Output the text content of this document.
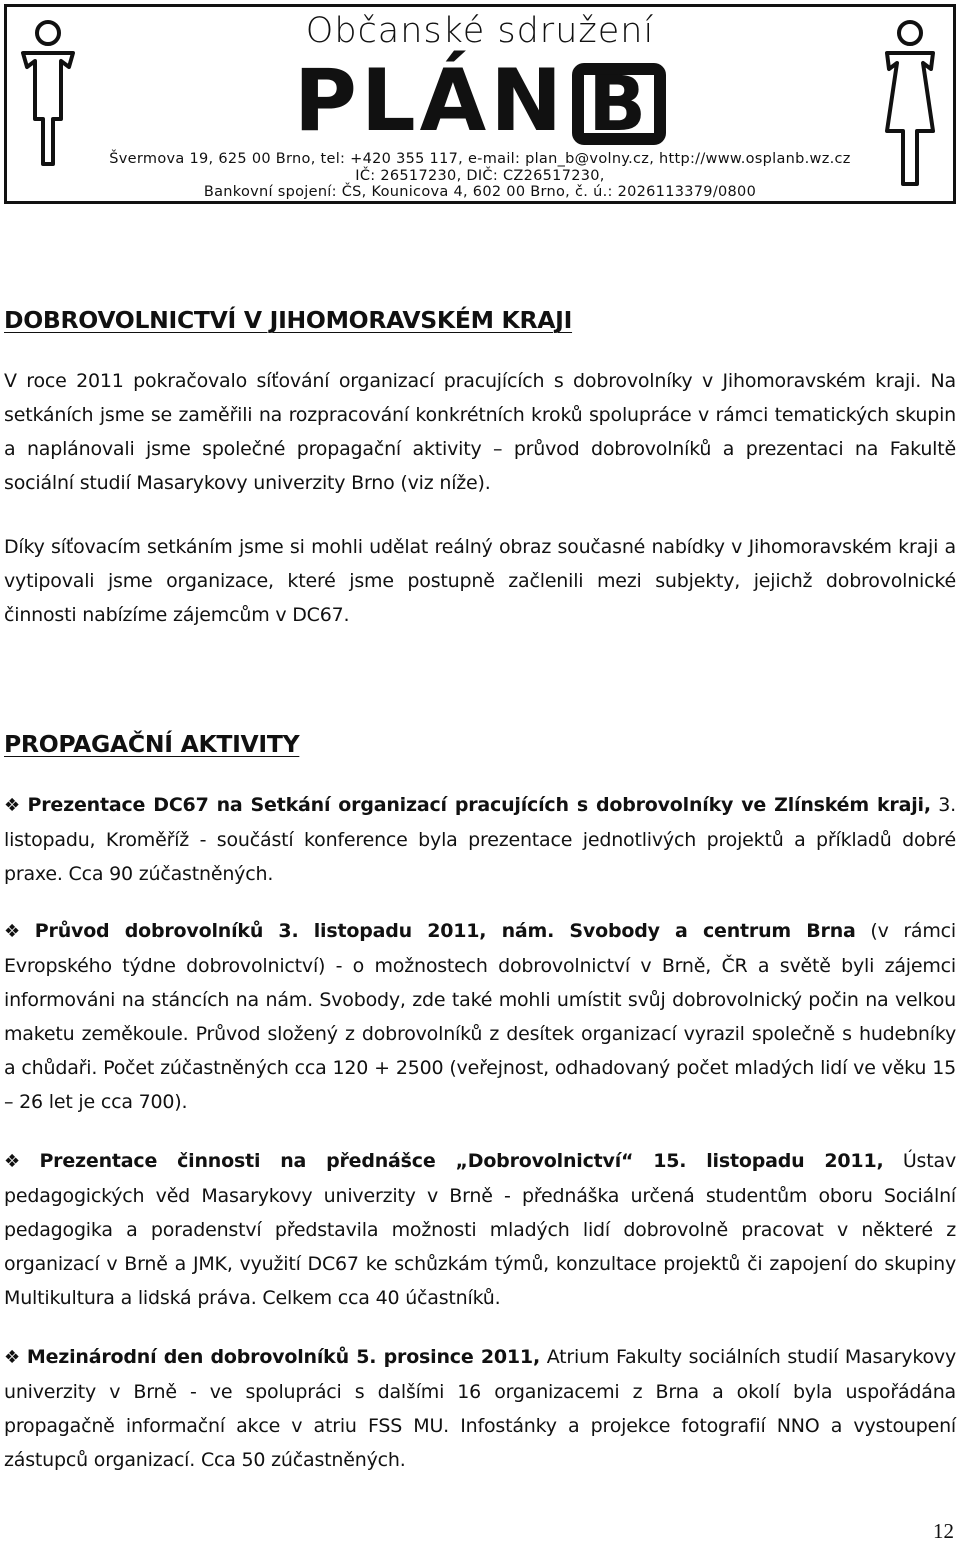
Občanské sdružení
PLÁN B
Švermova 19, 625 00 Brno, tel: +420 355 117, e-mail: plan_b@volny.cz, http://www.osplanb.wz.cz
IČ: 26517230, DIČ: CZ26517230,
Bankovní spojení: ČS, Kounicova 4, 602 00 Brno, č. ú.: 2026113379/0800
DOBROVOLNICTVÍ V JIHOMORAVSKÉM KRAJI

V roce 2011 pokračovalo síťování organizací pracujících s dobrovolníky v Jihomoravském kraji. Na setkáních jsme se zaměřili na rozpracování konkrétních kroků spolupráce v rámci tematických skupin a naplánovali jsme společné propagační aktivity – průvod dobrovolníků a prezentaci na Fakultě sociální studií Masarykovy univerzity Brno (viz níže).

Díky síťovacím setkáním jsme si mohli udělat reálný obraz současné nabídky v Jihomoravském kraji a vytipovali jsme organizace, které jsme postupně začlenili mezi subjekty, jejichž dobrovolnické činnosti nabízíme zájemcům v DC67.

PROPAGAČNÍ AKTIVITY

❖ Prezentace DC67 na Setkání organizací pracujících s dobrovolníky ve Zlínském kraji, 3. listopadu, Kroměříž - součástí konference byla prezentace jednotlivých projektů a příkladů dobré praxe. Cca 90 zúčastněných.

❖ Průvod dobrovolníků 3. listopadu 2011, nám. Svobody a centrum Brna (v rámci Evropského týdne dobrovolnictví) - o možnostech dobrovolnictví v Brně, ČR a světě byli zájemci informováni na stáncích na nám. Svobody, zde také mohli umístit svůj dobrovolnický počin na velkou maketu zeměkoule. Průvod složený z dobrovolníků z desítek organizací vyrazil společně s hudebníky a chůdaři. Počet zúčastněných cca 120 + 2500 (veřejnost, odhadovaný počet mladých lidí ve věku 15 – 26 let je cca 700).

❖ Prezentace činnosti na přednášce „Dobrovolnictví“ 15. listopadu 2011, Ústav pedagogických věd Masarykovy univerzity v Brně - přednáška určená studentům oboru Sociální pedagogika a poradenství představila možnosti mladých lidí dobrovolně pracovat v některé z organizací v Brně a JMK, využití DC67 ke schůzkám týmů, konzultace projektů či zapojení do skupiny Multikultura a lidská práva. Celkem cca 40 účastníků.

❖ Mezinárodní den dobrovolníků 5. prosince 2011, Atrium Fakulty sociálních studií Masarykovy univerzity v Brně - ve spolupráci s dalšími 16 organizacemi z Brna a okolí byla uspořádána propagačně informační akce v atriu FSS MU. Infostánky a projekce fotografií NNO a vystoupení zástupců organizací. Cca 50 zúčastněných.

12
